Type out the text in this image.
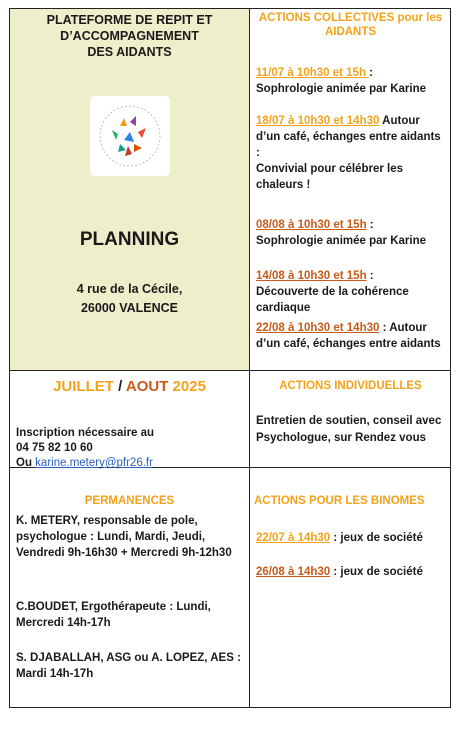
PLATEFORME DE REPIT ET
D’ACCOMPAGNEMENT
DES AIDANTS
PLANNING
4 rue de la Cécile,
26000 VALENCE
ACTIONS COLLECTIVES pour les
AIDANTS
11/07 à 10h30 et 15h :
Sophrologie animée par Karine
18/07 à 10h30 et 14h30 Autour d’un café, échanges entre aidants :
Convivial pour célébrer les chaleurs !
08/08 à 10h30 et 15h :
Sophrologie animée par Karine
14/08 à 10h30 et 15h :
Découverte de la cohérence cardiaque
22/08 à 10h30 et 14h30 : Autour d’un café, échanges entre aidants
JUILLET / AOUT 2025
Inscription nécessaire au
04 75 82 10 60
Ou karine.metery@pfr26.fr
ACTIONS INDIVIDUELLES
Entretien de soutien, conseil avec Psychologue, sur Rendez vous
PERMANENCES
K. METERY, responsable de pole, psychologue : Lundi, Mardi, Jeudi, Vendredi 9h-16h30 + Mercredi 9h-12h30
C.BOUDET, Ergothérapeute : Lundi, Mercredi 14h-17h
S. DJABALLAH, ASG ou A. LOPEZ, AES : Mardi 14h-17h
ACTIONS POUR LES BINOMES
22/07 à 14h30 : jeux de société
26/08 à 14h30 : jeux de société
